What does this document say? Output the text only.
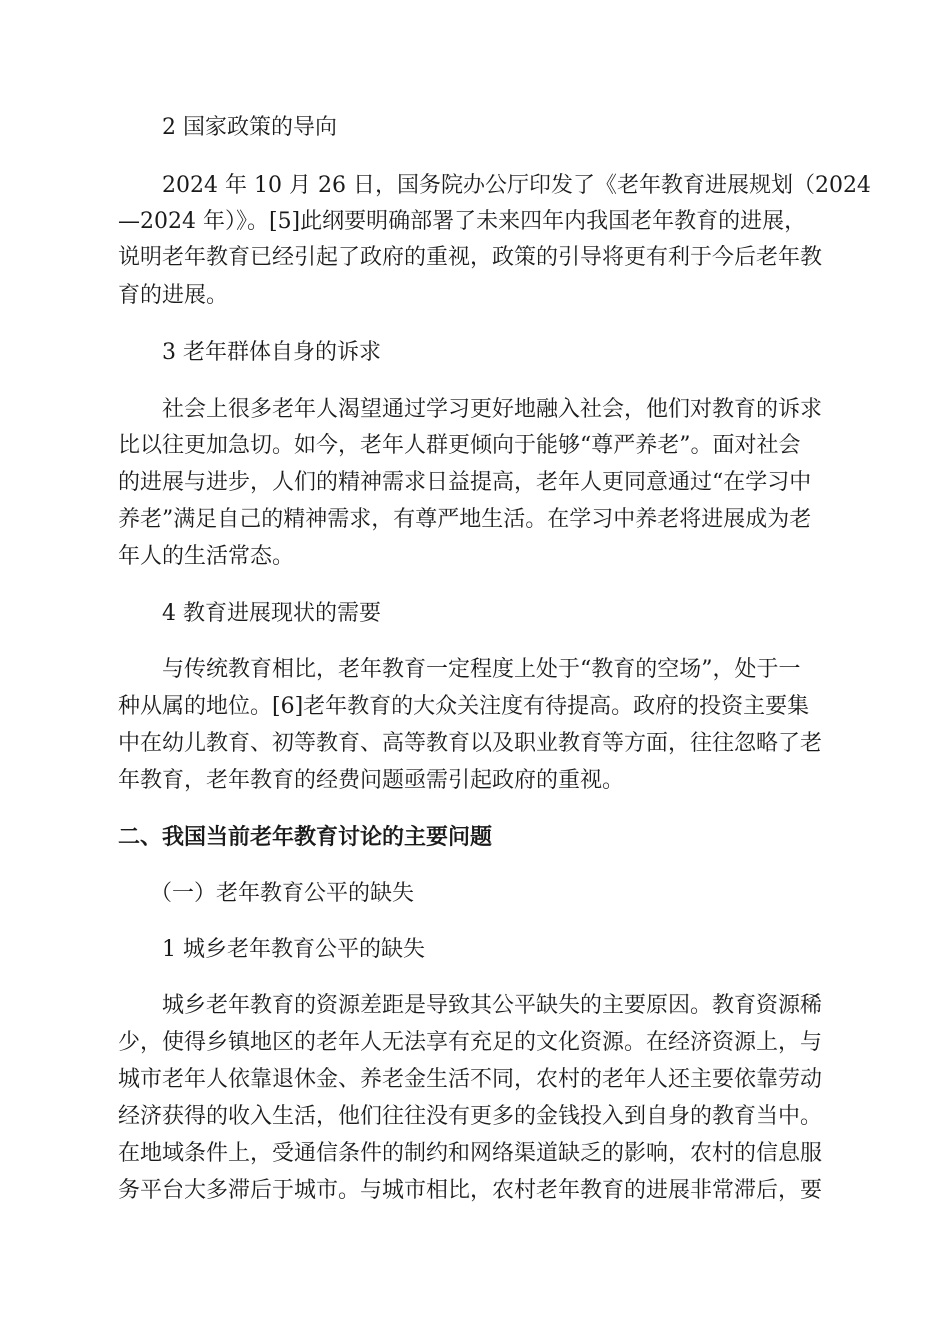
2 国家政策的导向
2024 年 10 月 26 日，国务院办公厅印发了《老年教育进展规划（2024
—2024 年）》。[5]此纲要明确部署了未来四年内我国老年教育的进展，
说明老年教育已经引起了政府的重视，政策的引导将更有利于今后老年教
育的进展。
3 老年群体自身的诉求
社会上很多老年人渴望通过学习更好地融入社会，他们对教育的诉求
比以往更加急切。如今，老年人群更倾向于能够“尊严养老”。面对社会
的进展与进步，人们的精神需求日益提高，老年人更同意通过“在学习中
养老”满足自己的精神需求，有尊严地生活。在学习中养老将进展成为老
年人的生活常态。
4 教育进展现状的需要
与传统教育相比，老年教育一定程度上处于“教育的空场”，处于一
种从属的地位。[6]老年教育的大众关注度有待提高。政府的投资主要集
中在幼儿教育、初等教育、高等教育以及职业教育等方面，往往忽略了老
年教育，老年教育的经费问题亟需引起政府的重视。
二、我国当前老年教育讨论的主要问题
（一）老年教育公平的缺失
1 城乡老年教育公平的缺失
城乡老年教育的资源差距是导致其公平缺失的主要原因。教育资源稀
少，使得乡镇地区的老年人无法享有充足的文化资源。在经济资源上，与
城市老年人依靠退休金、养老金生活不同，农村的老年人还主要依靠劳动
经济获得的收入生活，他们往往没有更多的金钱投入到自身的教育当中。
在地域条件上，受通信条件的制约和网络渠道缺乏的影响，农村的信息服
务平台大多滞后于城市。与城市相比，农村老年教育的进展非常滞后，要
